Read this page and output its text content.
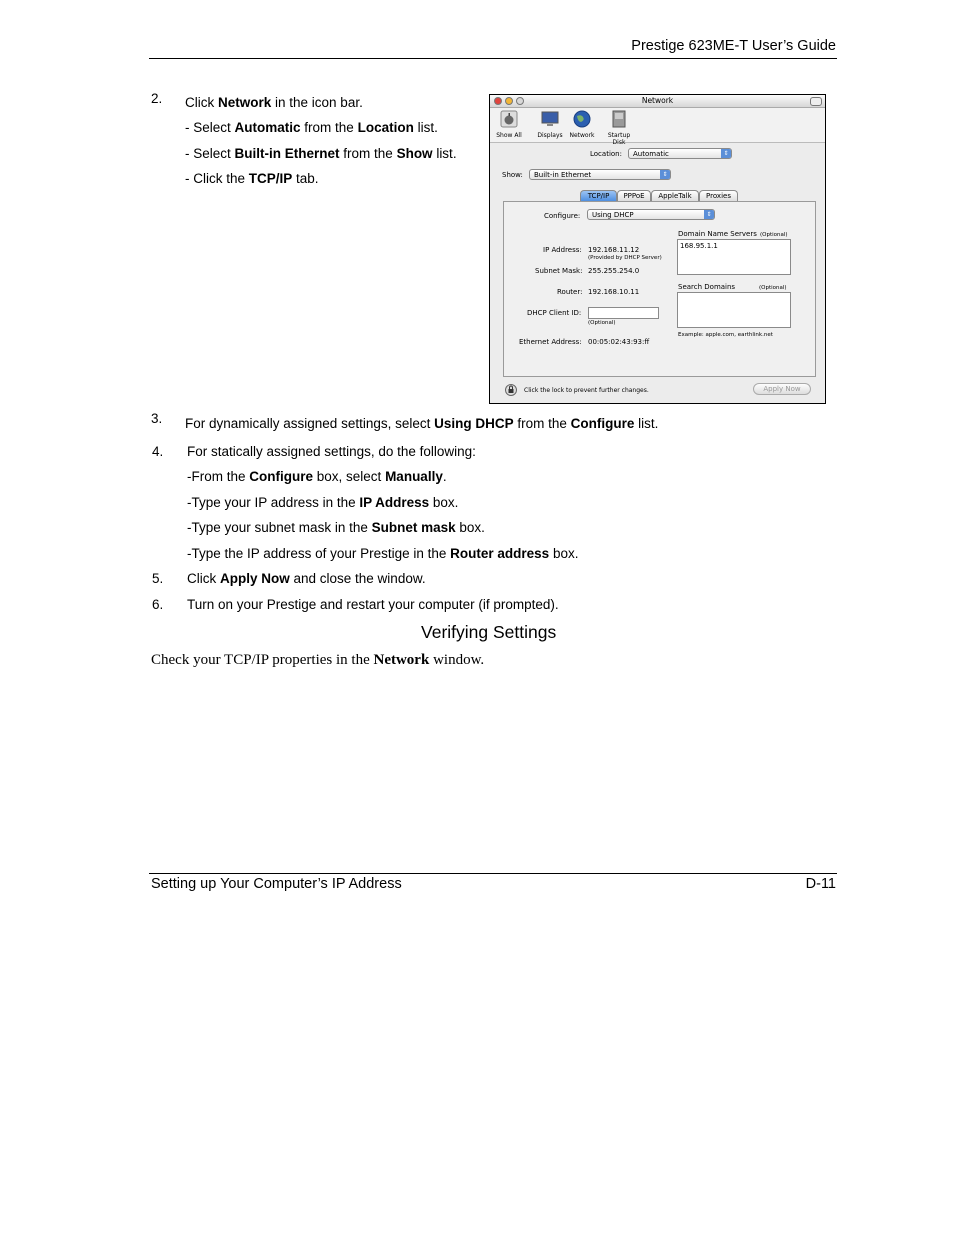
Prestige 623ME-T User’s Guide
2. Click Network in the icon bar.
- Select Automatic from the Location list.
- Select Built-in Ethernet from the Show list.
- Click the TCP/IP tab.
Network
Show All	Displays	Network	Startup Disk
Location:	Automatic	⇕
Show:	Built-in Ethernet	⇕
TCP/IP	PPPoE	AppleTalk	Proxies
Configure:	Using DHCP	⇕
IP Address: 192.168.11.12
(Provided by DHCP Server)
Subnet Mask: 255.255.254.0
Router: 192.168.10.11
DHCP Client ID:
(Optional)
Ethernet Address: 00:05:02:43:93:ff
Domain Name Servers (Optional)
168.95.1.1
Search Domains	(Optional)
Example: apple.com, earthlink.net
Click the lock to prevent further changes.	Apply Now
3. For dynamically assigned settings, select Using DHCP from the Configure list.
4. For statically assigned settings, do the following:
-From the Configure box, select Manually.
-Type your IP address in the IP Address box.
-Type your subnet mask in the Subnet mask box.
-Type the IP address of your Prestige in the Router address box.
5. Click Apply Now and close the window.
6. Turn on your Prestige and restart your computer (if prompted).
Verifying Settings
Check your TCP/IP properties in the Network window.
Setting up Your Computer’s IP Address	D-11
